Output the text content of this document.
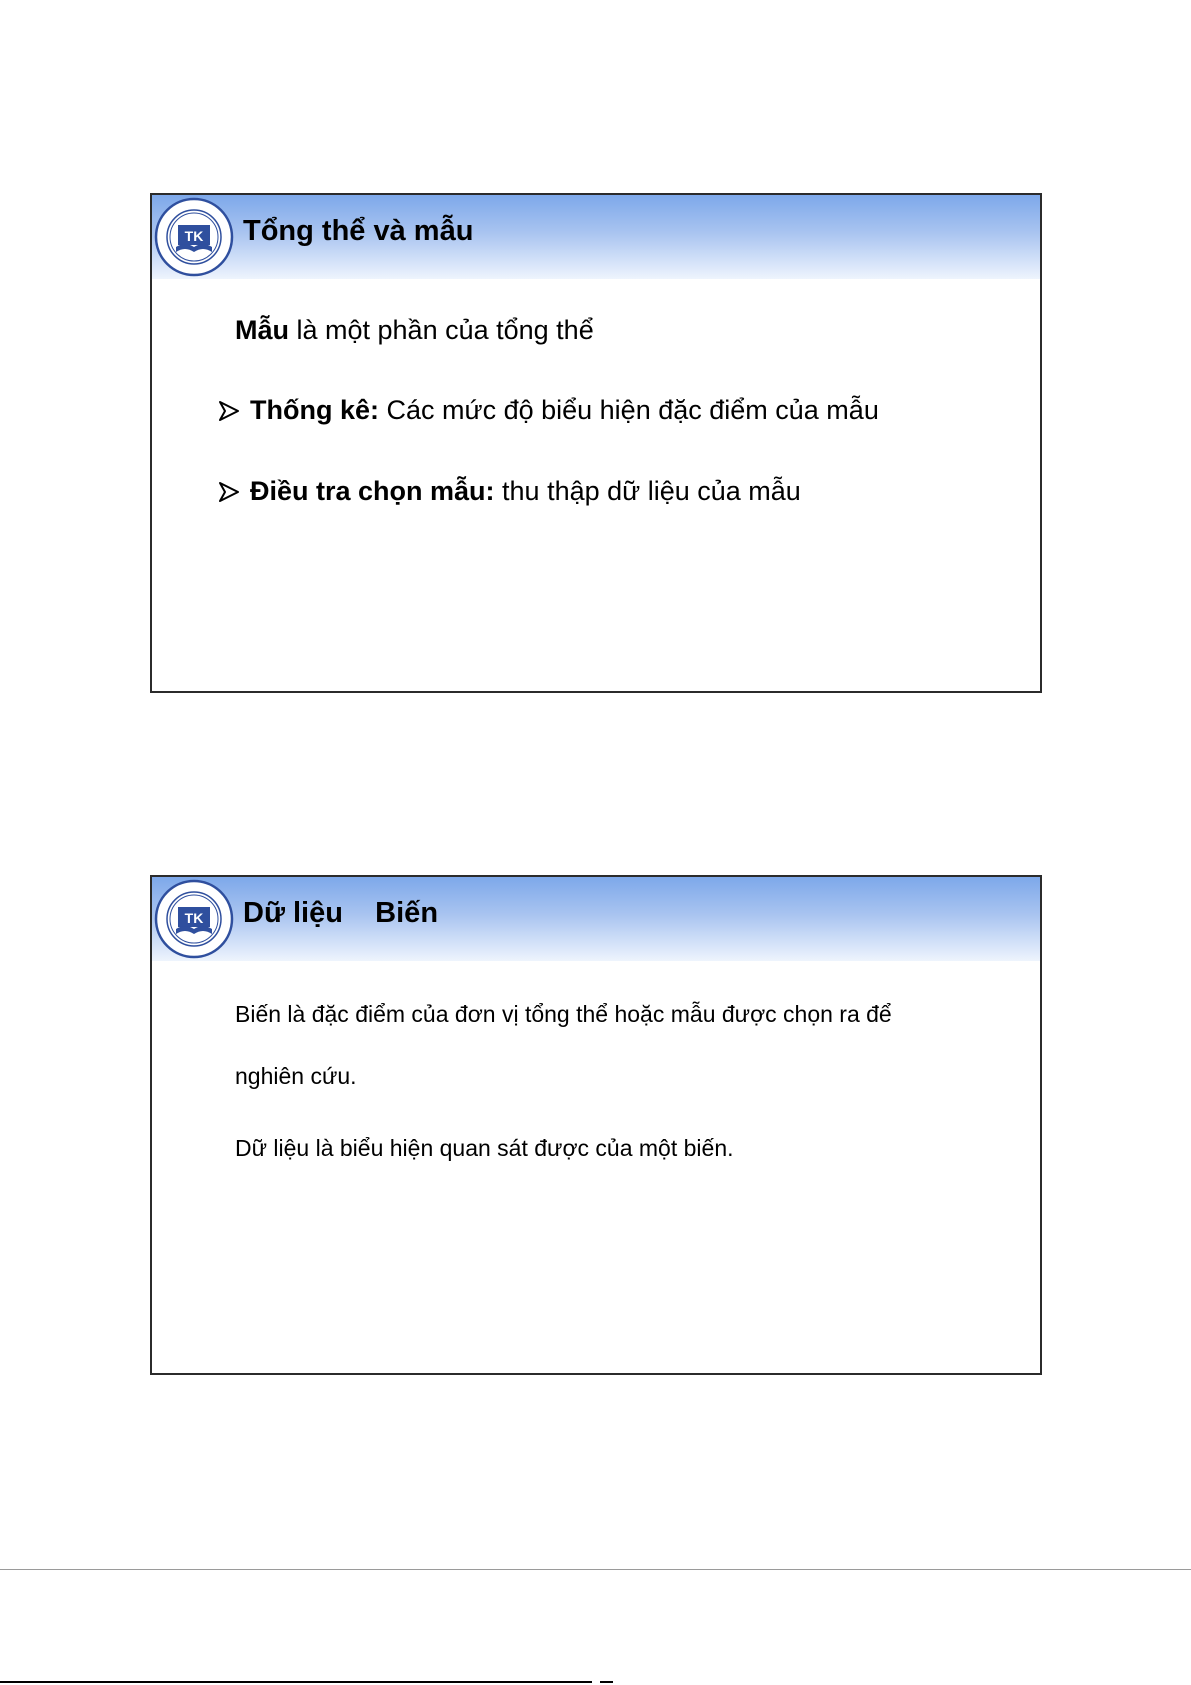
TK Tổng thể và mẫu
Mẫu là một phần của tổng thể
Thống kê: Các mức độ biểu hiện đặc điểm của mẫu
Điều tra chọn mẫu: thu thập dữ liệu của mẫu
TK Dữ liệu    Biến
Biến là đặc điểm của đơn vị tổng thể hoặc mẫu được chọn ra để
nghiên cứu.
Dữ liệu là biểu hiện quan sát được của một biến.
